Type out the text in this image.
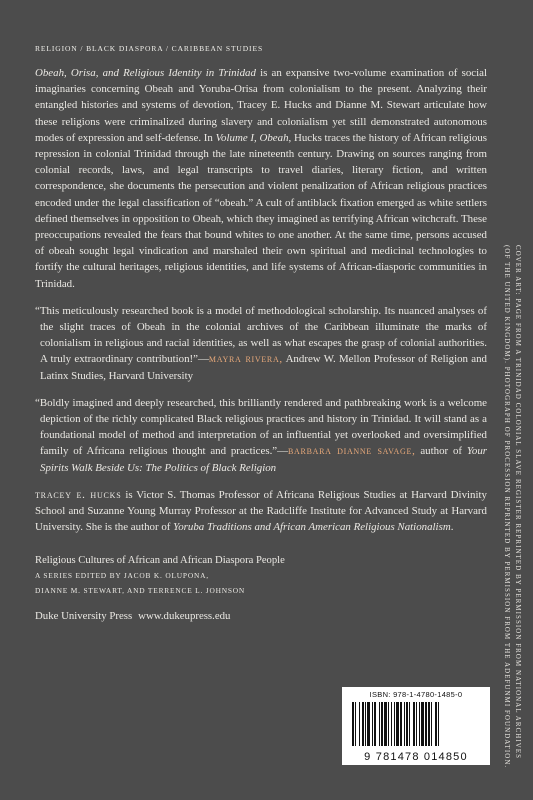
RELIGION / BLACK DIASPORA / CARIBBEAN STUDIES

Obeah, Orisa, and Religious Identity in Trinidad is an expansive two-volume examination of social imaginaries concerning Obeah and Yoruba-Orisa from colonialism to the present. Analyzing their entangled histories and systems of devotion, Tracey E. Hucks and Dianne M. Stewart articulate how these religions were criminalized during slavery and colonialism yet still demonstrated autonomous modes of expression and self-defense. In Volume I, Obeah, Hucks traces the history of African religious repression in colonial Trinidad through the late nineteenth century. Drawing on sources ranging from colonial records, laws, and legal transcripts to travel diaries, literary fiction, and written correspondence, she documents the persecution and violent penalization of African religious practices encoded under the legal classification of “obeah.” A cult of antiblack fixation emerged as white settlers defined themselves in opposition to Obeah, which they imagined as terrifying African witchcraft. These preoccupations revealed the fears that bound whites to one another. At the same time, persons accused of obeah sought legal vindication and marshaled their own spiritual and medicinal technologies to fortify the cultural heritages, religious identities, and life systems of African-diasporic communities in Trinidad.

“This meticulously researched book is a model of methodological scholarship. Its nuanced analyses of the slight traces of Obeah in the colonial archives of the Caribbean illuminate the marks of colonialism in religious and racial identities, as well as what escapes the grasp of colonial authorities. A truly extraordinary contribution!”—mayra rivera, Andrew W. Mellon Professor of Religion and Latinx Studies, Harvard University

“Boldly imagined and deeply researched, this brilliantly rendered and pathbreaking work is a welcome depiction of the richly complicated Black religious practices and history in Trinidad. It will stand as a foundational model of method and interpretation of an influential yet overlooked and oversimplified family of Africana religious thought and practices.”—barbara dianne savage, author of Your Spirits Walk Beside Us: The Politics of Black Religion

tracey e. hucks is Victor S. Thomas Professor of Africana Religious Studies at Harvard Divinity School and Suzanne Young Murray Professor at the Radcliffe Institute for Advanced Study at Harvard University. She is the author of Yoruba Traditions and African American Religious Nationalism.

Religious Cultures of African and African Diaspora People
A SERIES EDITED BY JACOB K. OLUPONA,
DIANNE M. STEWART, AND TERRENCE L. JOHNSON
Duke University Press www.dukeupress.edu	COVER ART: PAGE FROM A TRINIDAD COLONIAL SLAVE REGISTER REPRINTED BY PERMISSION FROM NATIONAL ARCHIVES
(OF THE UNITED KINGDOM). PHOTOGRAPH OF PROCESSION REPRINTED BY PERMISSION FROM THE ADEFUNMI FOUNDATION.
ISBN: 978-1-4780-1485-0
9 781478 014850
